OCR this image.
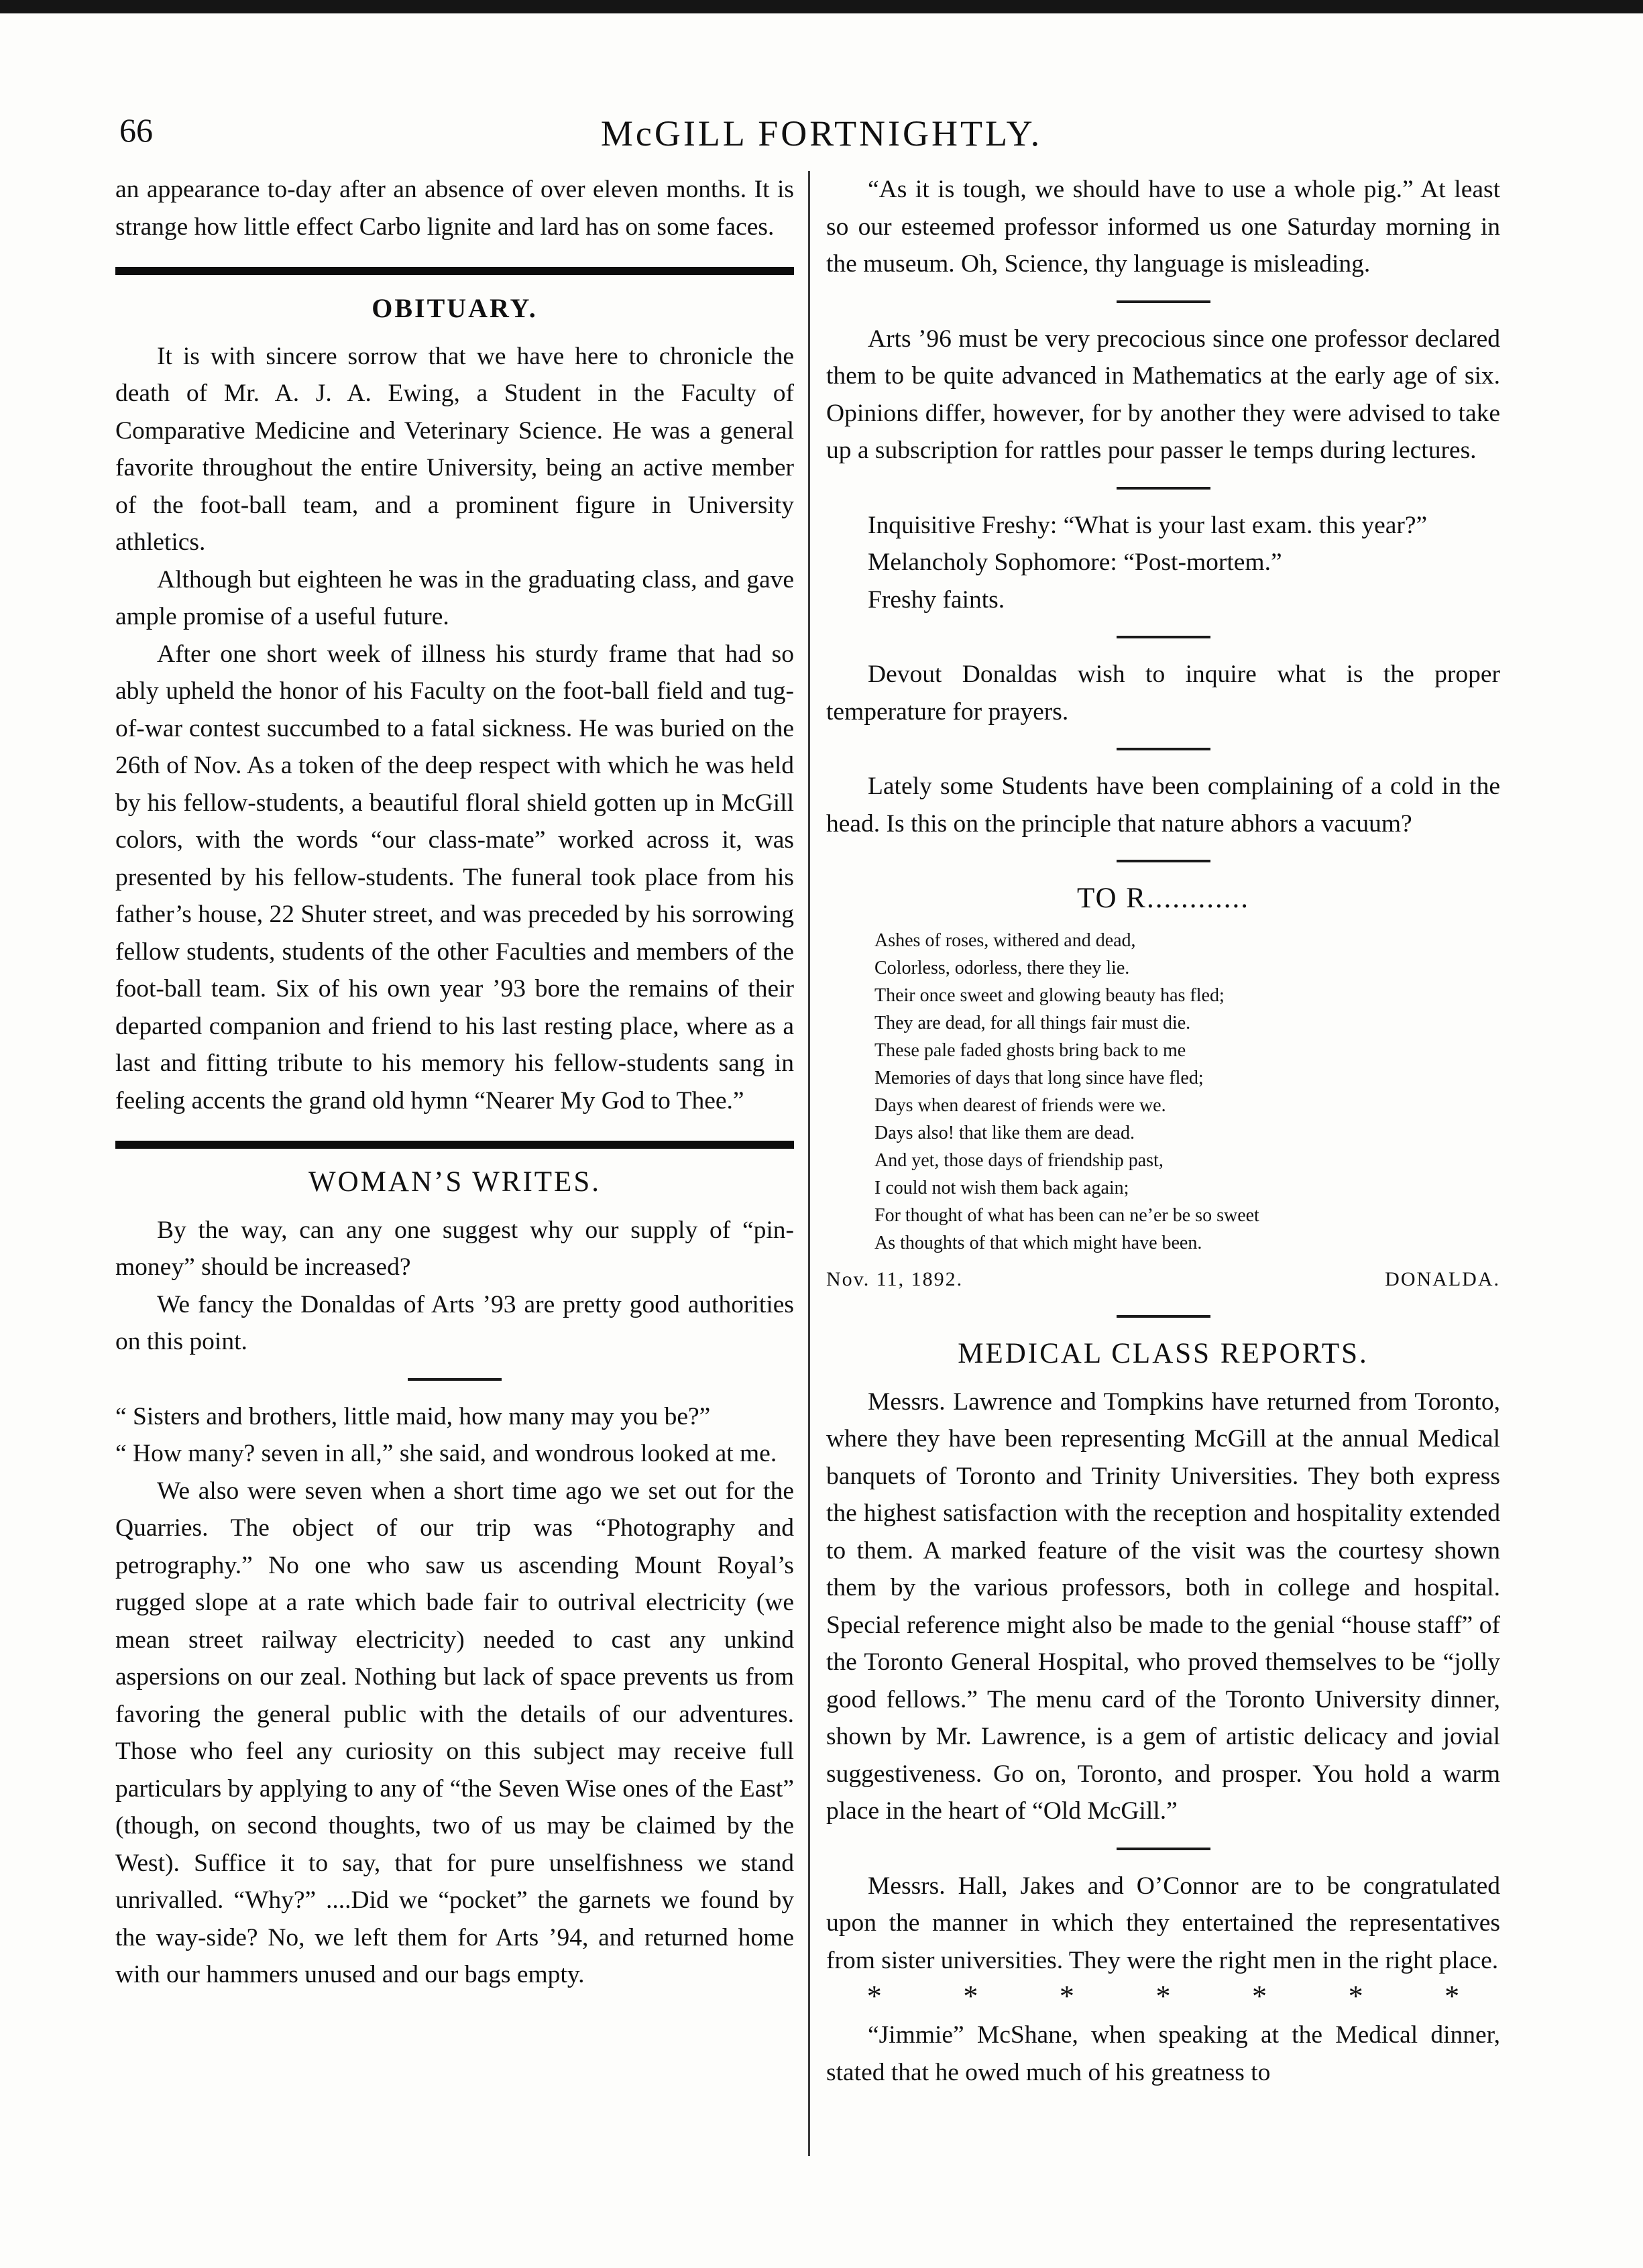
66	McGILL FORTNIGHTLY.

an appearance to-day after an absence of over eleven months. It is strange how little effect Carbo lignite and lard has on some faces.

OBITUARY.

It is with sincere sorrow that we have here to chronicle the death of Mr. A. J. A. Ewing, a Student in the Faculty of Comparative Medicine and Veterinary Science. He was a general favorite throughout the entire University, being an active member of the foot-ball team, and a prominent figure in University athletics.

Although but eighteen he was in the graduating class, and gave ample promise of a useful future.

After one short week of illness his sturdy frame that had so ably upheld the honor of his Faculty on the foot-ball field and tug-of-war contest succumbed to a fatal sickness. He was buried on the 26th of Nov. As a token of the deep respect with which he was held by his fellow-students, a beautiful floral shield gotten up in McGill colors, with the words “our class-mate” worked across it, was presented by his fellow-students. The funeral took place from his father’s house, 22 Shuter street, and was preceded by his sorrowing fellow students, students of the other Faculties and members of the foot-ball team. Six of his own year ’93 bore the remains of their departed companion and friend to his last resting place, where as a last and fitting tribute to his memory his fellow-students sang in feeling accents the grand old hymn “Nearer My God to Thee.”

WOMAN’S WRITES.

By the way, can any one suggest why our supply of “pin-money” should be increased?

We fancy the Donaldas of Arts ’93 are pretty good authorities on this point.

“ Sisters and brothers, little maid, how many may you be?”

“ How many? seven in all,” she said, and wondrous looked at me.

We also were seven when a short time ago we set out for the Quarries. The object of our trip was “Photography and petrography.” No one who saw us ascending Mount Royal’s rugged slope at a rate which bade fair to outrival electricity (we mean street railway electricity) needed to cast any unkind aspersions on our zeal. Nothing but lack of space prevents us from favoring the general public with the details of our adventures. Those who feel any curiosity on this subject may receive full particulars by applying to any of “the Seven Wise ones of the East” (though, on second thoughts, two of us may be claimed by the West). Suffice it to say, that for pure unselfishness we stand unrivalled. “Why?” ....Did we “pocket” the garnets we found by the way-side? No, we left them for Arts ’94, and returned home with our hammers unused and our bags empty.

“As it is tough, we should have to use a whole pig.” At least so our esteemed professor informed us one Saturday morning in the museum. Oh, Science, thy language is misleading.

Arts ’96 must be very precocious since one professor declared them to be quite advanced in Mathematics at the early age of six. Opinions differ, however, for by another they were advised to take up a subscription for rattles pour passer le temps during lectures.

Inquisitive Freshy: “What is your last exam. this year?”

Melancholy Sophomore: “Post-mortem.”

Freshy faints.

Devout Donaldas wish to inquire what is the proper temperature for prayers.

Lately some Students have been complaining of a cold in the head. Is this on the principle that nature abhors a vacuum?

TO R............
Ashes of roses, withered and dead,
Colorless, odorless, there they lie.
Their once sweet and glowing beauty has fled;
They are dead, for all things fair must die.
These pale faded ghosts bring back to me
Memories of days that long since have fled;
Days when dearest of friends were we.
Days also! that like them are dead.
And yet, those days of friendship past,
I could not wish them back again;
For thought of what has been can ne’er be so sweet
As thoughts of that which might have been.
Nov. 11, 1892.	DONALDA.
MEDICAL CLASS REPORTS.

Messrs. Lawrence and Tompkins have returned from Toronto, where they have been representing McGill at the annual Medical banquets of Toronto and Trinity Universities. They both express the highest satisfaction with the reception and hospitality extended to them. A marked feature of the visit was the courtesy shown them by the various professors, both in college and hospital. Special reference might also be made to the genial “house staff” of the Toronto General Hospital, who proved themselves to be “jolly good fellows.” The menu card of the Toronto University dinner, shown by Mr. Lawrence, is a gem of artistic delicacy and jovial suggestiveness. Go on, Toronto, and prosper. You hold a warm place in the heart of “Old McGill.”

Messrs. Hall, Jakes and O’Connor are to be congratulated upon the manner in which they entertained the representatives from sister universities. They were the right men in the right place.

*	*	*	*	*	*	*

“Jimmie” McShane, when speaking at the Medical dinner, stated that he owed much of his greatness to
